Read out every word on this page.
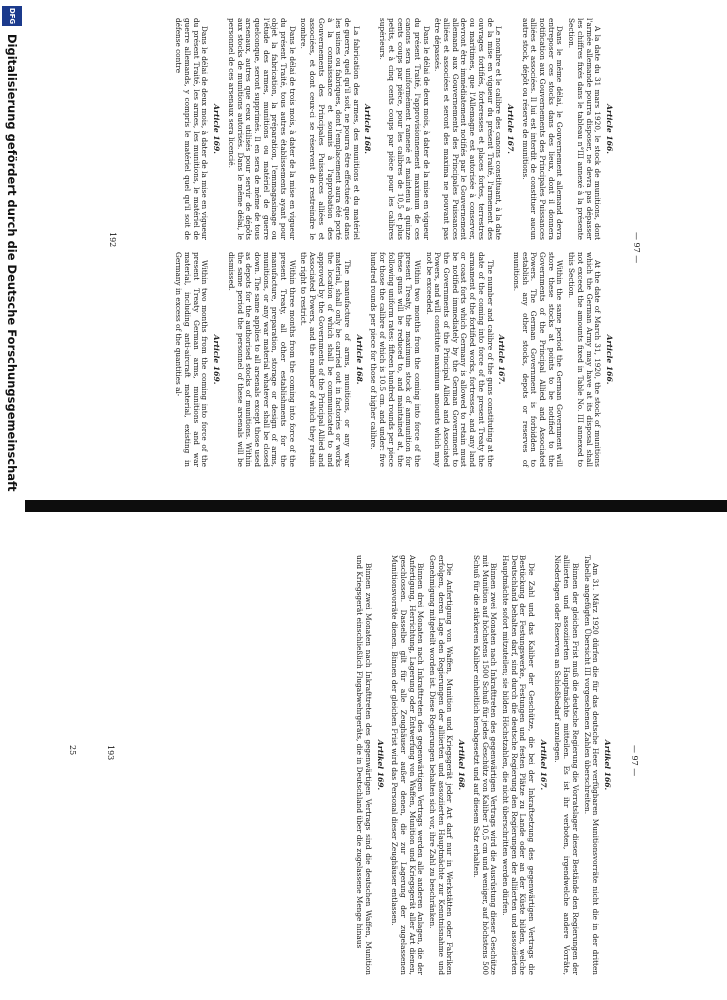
— 97 —
Article 166.

A la date du 31 mars 1920, le stock de munitions, dont l'armée allemande pourra disposer, ne devra pas dépasser les chiffres fixés dans le tableau n°III annexé à la présente Section.

Dans le même délai, le Gouvernement allemand devra entreposer ces stocks dans des lieux, dont il donnera notification aux Gouvernements des Principales Puissances alliées et associées. Il lui est interdit de constituer aucun autre stock, dépôt ou réserve de munitions.

Article 167.

Le nombre et le calibre des canons constituant, à la date de la mise en vigueur du présent Traité, l'armement des ouvrages fortifiés, forteresses et places fortes, terrestres ou maritimes, que l'Allemagne est autorisée à conserver, devront être immédiatement notifiés par le Gouvernement allemand aux Gouvernements des Principales Puissances alliées et associées et seront des maxima ne pouvant pas être dépassés.

Dans le délai de deux mois, à dater de la mise en vigueur du présent Traité, l'approvisionnement maximum de ces canons sera uniformément ramené et maintenu à quinze cents coups par pièce, pour les calibres de 10,5 et plus petits, et à cinq cents coups par pièce pour les calibres supérieurs.

Article 168.

La fabrication des armes, des munitions et du matériel de guerre, quel qu'il soit, ne pourra être effectuée que dans les usines ou fabriques, dont l'emplacement aura été porté à la connaissance et soumis à l'approbation des Gouvernements des Principales Puissances alliées et associées, et dont ceux-ci se réservent de restreindre le nombre.

Dans le délai de trois mois, à dater de la mise en vigueur du présent Traité, tous autres établissements ayant pour objet la fabrication, la préparation, l'emmagasinage ou l'étude des armes, munitions ou matériel de guerre quelconque, seront supprimés. Il en sera de même de tous arsenaux, autres que ceux utilisés pour servir de dépôts aux stocks de munitions autorisés. Dans le même délai, le personnel de ces arsenaux sera licencié.

Article 169.

Dans le délai de deux mois, à dater de la mise en vigueur du présent Traité, les armes, les munitions, le matériel de guerre allemands, y compris le matériel quel qu'il soit de défense contre

Article 166.

At the date of March 31, 1920, the stock of munitions which the German Army may have at its disposal shall not exceed the amounts fixed in Table No. III annexed to this Section.

Within the same period the German Government will store these stocks at points to be notified to the Governments of the Principal Allied and Associated Powers. The German Government is forbidden to establish any other stocks, depots or reserves of munitions.

Article 167.

The number and calibre of the guns constituting at the date of the coming into force of the present Treaty the armament of the fortified works, fortresses, and any land or coast forts which Germany is allowed to retain must be notified immediately by the German Government to the Governments of the Principal Allied and Associated Powers, and will constitute maximum amounts which may not be exceeded.

Within two months from the coming into force of the present Treaty, the maximum stock of ammunition for these guns will be reduced to, and maintained at, the following uniform rates: fifteen hundred rounds per piece for those the calibre of which is 10.5 cm. and under: five hundred rounds per piece for those of higher calibre.

Article 168.

The manufacture of arms, munitions, or any war material, shall only be carried out in factories or works the location of which shall be communicated to and approved by the Governments of the Principal Allied and Associated Powers, and the number of which they retain the right to restrict.

Within three months from the coming into force of the present Treaty, all other establishments for the manufacture, preparation, storage or design of arms, munitions, or any war material whatever shall be closed down. The same applies to all arsenals except those used as depots for the authorised stocks of munitions. Within the same period the personnel of these arsenals will be dismissed.

Article 169.

Within two months from the coming into force of the present Treaty German arms, munitions and war material, including anti-aircraft material, existing in Germany in excess of the quantities al-

192
— 97 —
Artikel 166.

Am 31. März 1920 dürfen die für das deutsche Heer verfügbaren Munitionsvorräte nicht die in der dritten Tabelle angefügten Übersicht III vorgesehenen Zahlen überschreiten.

Binnen der gleichen Frist muß die deutsche Regierung die Vorratslager dieser Bestände den Regierungen der alliierten und assoziierten Hauptmächte mitteilen. Es ist ihr verboten, irgendwelche andere Vorräte, Niederlagen oder Reserven an Schießbedarf anzulegen.

Artikel 167.

Die Zahl und das Kaliber der Geschütze, die bei der Inkraftsetzung des gegenwärtigen Vertrags die Bestückung der Festungswerke, Festungen und festen Plätze zu Lande oder an der Küste bilden, welche Deutschland behalten darf, sind durch die deutsche Regierung den Regierungen der alliierten und assoziierten Hauptmächte sofort mitzuteilen; sie bilden Höchstzahlen, die nicht überschritten werden dürfen.

Binnen zwei Monaten nach Inkrafttreten des gegenwärtigen Vertrags wird die Ausrüstung dieser Geschütze mit Munition auf höchstens 1500 Schuß für jedes Geschütz von Kaliber 10,5 cm und weniger, auf höchstens 500 Schuß für die stärkeren Kaliber einheitlich herabgesetzt und auf diesem Satz erhalten.

Artikel 168.

Die Anfertigung von Waffen, Munition und Kriegsgerät jeder Art darf nur in Werkstätten oder Fabriken erfolgen, deren Lage den Regierungen der alliierten und assoziierten Hauptmächte zur Kenntnisnahme und Genehmigung mitgeteilt worden ist. Diese Regierungen behalten sich vor, ihre Zahl zu beschränken.

Binnen drei Monaten nach Inkrafttreten des gegenwärtigen Vertrags werden alle anderen Anlagen, die der Anfertigung, Herrichtung, Lagerung oder Entwerfung von Waffen, Munition und Kriegsgerät aller Art dienen, geschlossen. Dasselbe gilt für alle Zeughäuser außer denen, die zur Lagerung der zugelassenen Munitionsvorräte dienen. Binnen der gleichen Frist wird das Personal dieser Zeughäuser entlassen.

Artikel 169.

Binnen zwei Monaten nach Inkrafttreten des gegenwärtigen Vertrags sind die deutschen Waffen, Munition und Kriegsgerät einschließlich Flugabwehrgeräts, die in Deutschland über die zugelassene Menge hinaus

193
25
DFG
Digitalisierung gefördert durch die Deutsche Forschungsgemeinschaft
